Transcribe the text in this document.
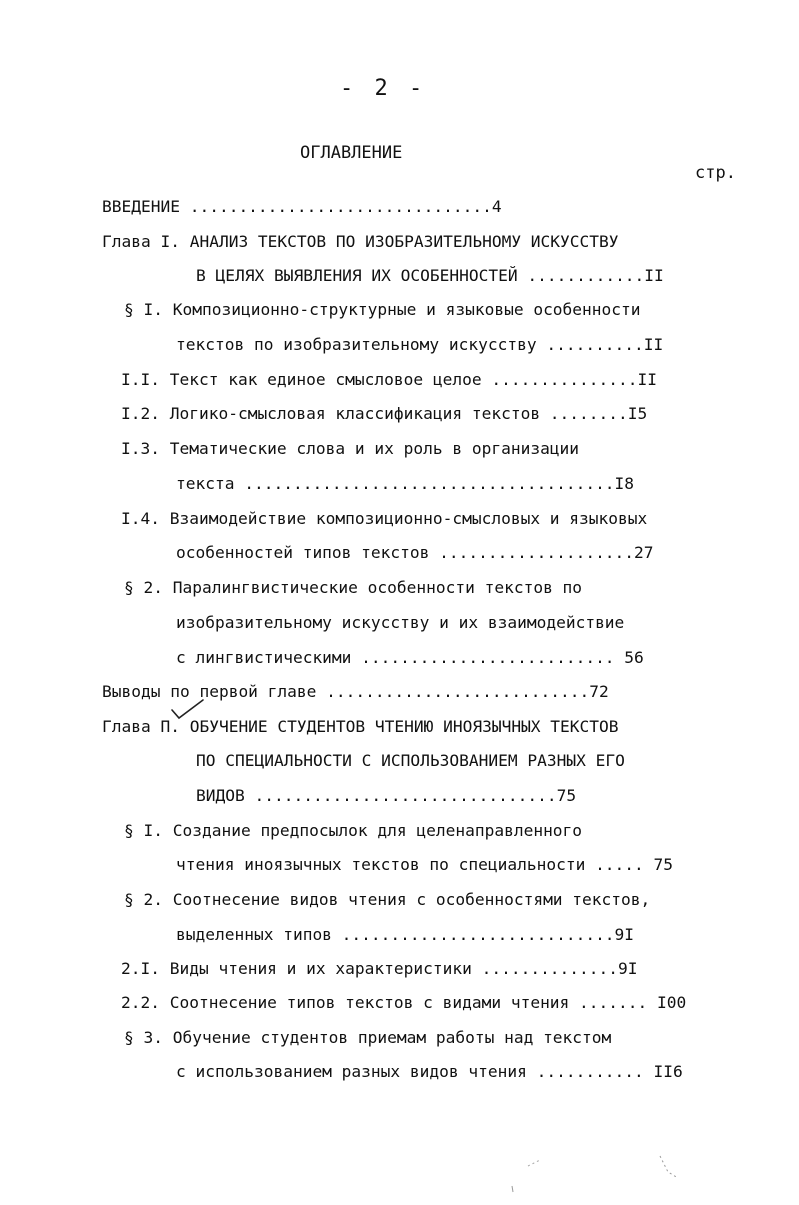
- 2 -
ОГЛАВЛЕНИЕ
стр.
ВВЕДЕНИЕ ...............................4
Глава I. АНАЛИЗ ТЕКСТОВ ПО ИЗОБРАЗИТЕЛЬНОМУ ИСКУССТВУ
В ЦЕЛЯХ ВЫЯВЛЕНИЯ ИХ ОСОБЕННОСТЕЙ ............II
§ I. Композиционно-структурные и языковые особенности
текстов по изобразительному искусству ..........II
I.I. Текст как единое смысловое целое ...............II
I.2. Логико-смысловая классификация текстов ........I5
I.3. Тематические слова и их роль в организации
текста ......................................I8
I.4. Взаимодействие композиционно-смысловых и языковых
особенностей типов текстов ....................27
§ 2. Паралингвистические особенности текстов по
изобразительному искусству и их взаимодействие
с лингвистическими .......................... 56
Выводы по первой главе ...........................72
Глава П. ОБУЧЕНИЕ СТУДЕНТОВ ЧТЕНИЮ ИНОЯЗЫЧНЫХ ТЕКСТОВ
ПО СПЕЦИАЛЬНОСТИ С ИСПОЛЬЗОВАНИЕМ РАЗНЫХ ЕГО
ВИДОВ ...............................75
§ I. Создание предпосылок для целенаправленного
чтения иноязычных текстов по специальности ..... 75
§ 2. Соотнесение видов чтения с особенностями текстов,
выделенных типов ............................9I
2.I. Виды чтения и их характеристики ..............9I
2.2. Соотнесение типов текстов с видами чтения ....... I00
§ 3. Обучение студентов приемам работы над текстом
с использованием разных видов чтения ........... II6
